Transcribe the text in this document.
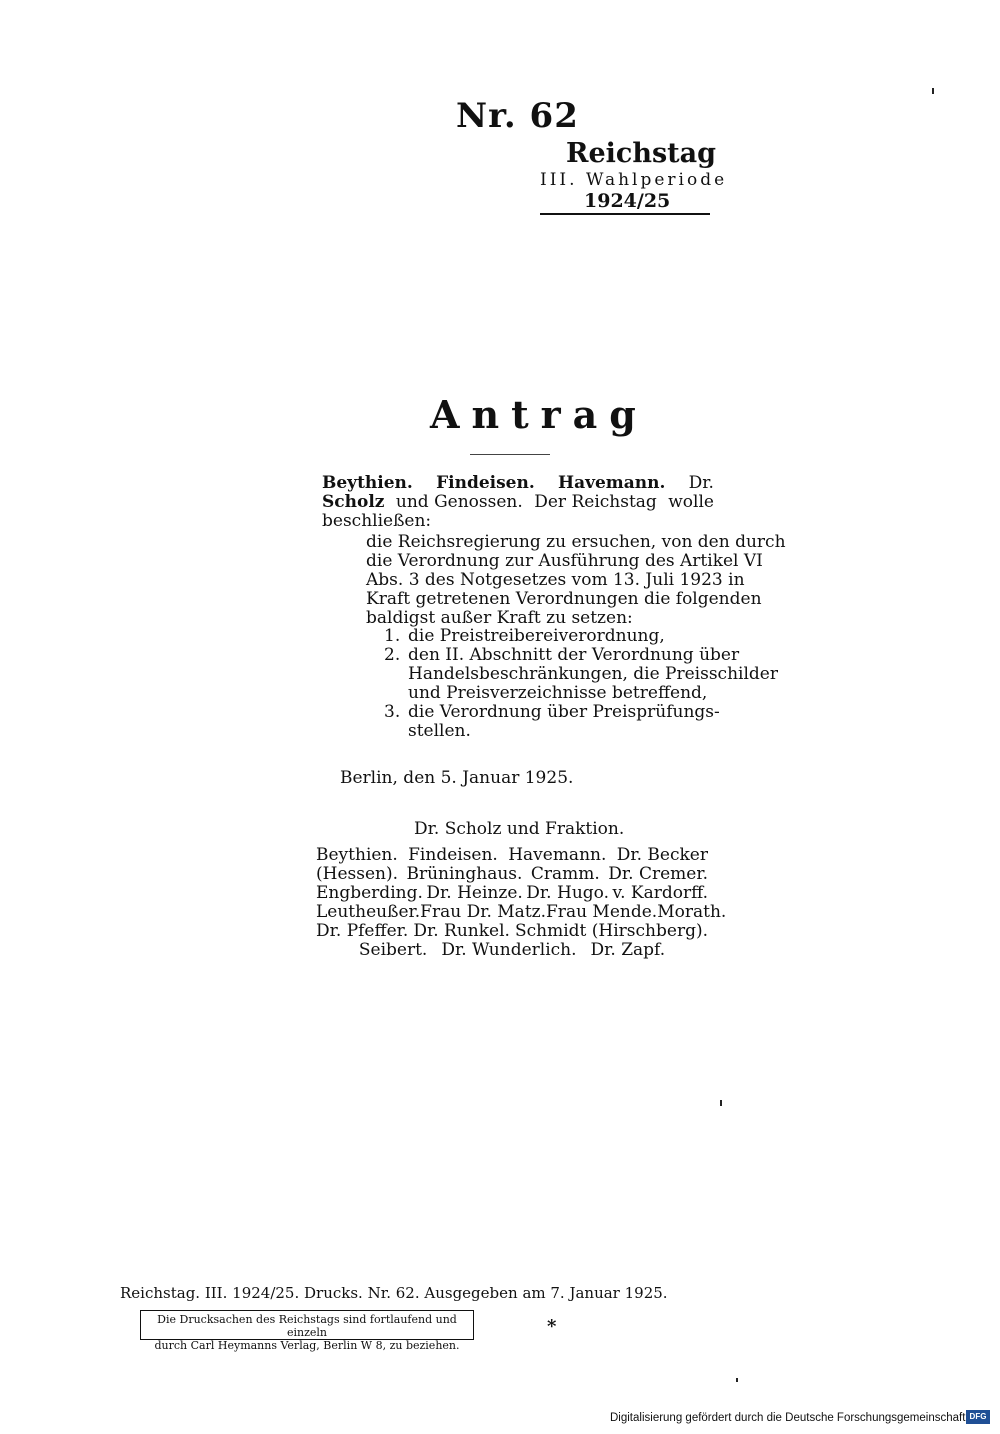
Nr. 62
Reichstag
III. Wahlperiode
1924/25
Antrag
Beythien. Findeisen. Havemann. Dr.
Scholz und Genossen. Der Reichstag wolle
beschließen:
die Reichsregierung zu ersuchen, von den durch
die Verordnung zur Ausführung des Artikel VI
Abs. 3 des Notgesetzes vom 13. Juli 1923 in
Kraft getretenen Verordnungen die folgenden
baldigst außer Kraft zu setzen:
1. die Preistreibereiverordnung,
2. den II. Abschnitt der Verordnung über
Handelsbeschränkungen, die Preisschilder
und Preisverzeichnisse betreffend,
3. die Verordnung über Preisprüfungs-
stellen.
Berlin, den 5. Januar 1925.
Dr. Scholz und Fraktion.
Beythien. Findeisen. Havemann. Dr. Becker
(Hessen). Brüninghaus. Cramm. Dr. Cremer.
Engberding. Dr. Heinze. Dr. Hugo. v. Kardorff.
Leutheußer. Frau Dr. Matz. Frau Mende. Morath.
Dr. Pfeffer. Dr. Runkel. Schmidt (Hirschberg).
Seibert. Dr. Wunderlich. Dr. Zapf.
Reichstag. III. 1924/25. Drucks. Nr. 62. Ausgegeben am 7. Januar 1925.
Die Drucksachen des Reichstags sind fortlaufend und einzeln
durch Carl Heymanns Verlag, Berlin W 8, zu beziehen.
*
Digitalisierung gefördert durch die Deutsche Forschungsgemeinschaft DFG
